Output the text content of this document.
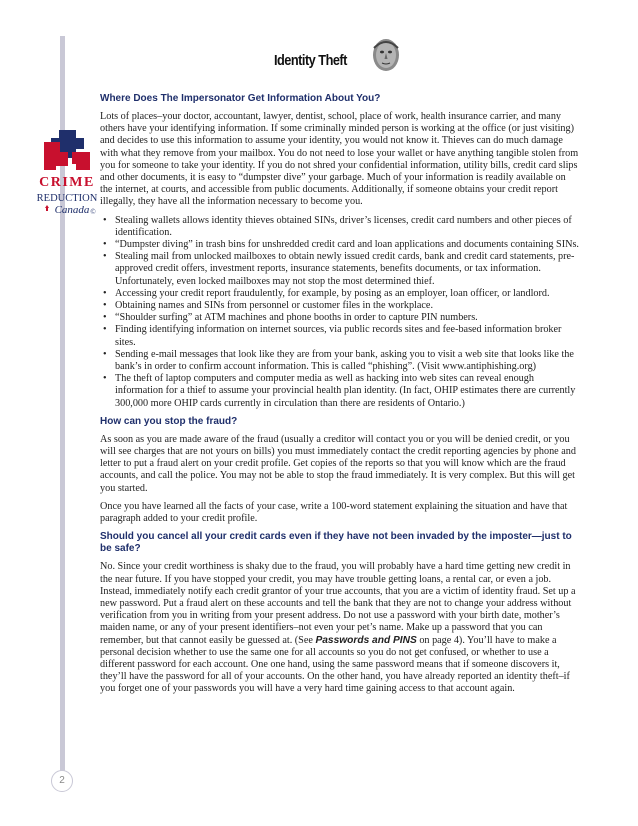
Identity Theft
CRIME
REDUCTION
Canada ©
Where Does The Impersonator Get Information About You?

Lots of places–your doctor, accountant, lawyer, dentist, school, place of work, health insurance carrier, and many others have your identifying information. If some criminally minded person is working at the office (or just visiting) and decides to use this information to assume your identity, you would not know it. Thieves can do much damage with what they remove from your mailbox. You do not need to lose your wallet or have anything tangible stolen from you for someone to take your identity. If you do not shred your confidential information, utility bills, credit card slips and other documents, it is easy to “dumpster dive” your garbage. Much of your information is readily available on the internet, at courts, and accessible from public documents. Additionally, if someone obtains your credit report illegally, they have all the information necessary to become you.

• Stealing wallets allows identity thieves obtained SINs, driver’s licenses, credit card numbers and other pieces of identification.
• “Dumpster diving” in trash bins for unshredded credit card and loan applications and documents containing SINs.
• Stealing mail from unlocked mailboxes to obtain newly issued credit cards, bank and credit card statements, pre-approved credit offers, investment reports, insurance statements, benefits documents, or tax information. Unfortunately, even locked mailboxes may not stop the most determined thief.
• Accessing your credit report fraudulently, for example, by posing as an employer, loan officer, or landlord.
• Obtaining names and SINs from personnel or customer files in the workplace.
• “Shoulder surfing” at ATM machines and phone booths in order to capture PIN numbers.
• Finding identifying information on internet sources, via public records sites and fee-based information broker sites.
• Sending e-mail messages that look like they are from your bank, asking you to visit a web site that looks like the bank’s in order to confirm account information. This is called “phishing”. (Visit www.antiphishing.org)
• The theft of laptop computers and computer media as well as hacking into web sites can reveal enough information for a thief to assume your provincial health plan identity. (In fact, OHIP estimates there are currently 300,000 more OHIP cards currently in circulation than there are residents of Ontario.)
How can you stop the fraud?

As soon as you are made aware of the fraud (usually a creditor will contact you or you will be denied credit, or you will see charges that are not yours on bills) you must immediately contact the credit reporting agencies by phone and letter to put a fraud alert on your credit profile. Get copies of the reports so that you will know which are the fraud accounts, and call the police. You may not be able to stop the fraud immediately. It is very complex. But this will get you started.

Once you have learned all the facts of your case, write a 100-word statement explaining the situation and have that paragraph added to your credit profile.

Should you cancel all your credit cards even if they have not been invaded by the imposter—just to be safe?

No. Since your credit worthiness is shaky due to the fraud, you will probably have a hard time getting new credit in the near future. If you have stopped your credit, you may have trouble getting loans, a rental car, or even a job. Instead, immediately notify each credit grantor of your true accounts, that you are a victim of identity fraud. Set up a new password. Put a fraud alert on these accounts and tell the bank that they are not to change your address without verification from you in writing from your present address. Do not use a password with your birth date, mother’s maiden name, or any of your present identifiers–not even your pet’s name. Make up a password that you can remember, but that cannot easily be guessed at. (See Passwords and PINS on page 4). You’ll have to make a personal decision whether to use the same one for all accounts so you do not get confused, or whether to use a different password for each account. One one hand, using the same password means that if someone discovers it, they’ll have the password for all of your accounts. On the other hand, you have already reported an identity theft–if you forget one of your passwords you will have a very hard time gaining access to that account again.

2
